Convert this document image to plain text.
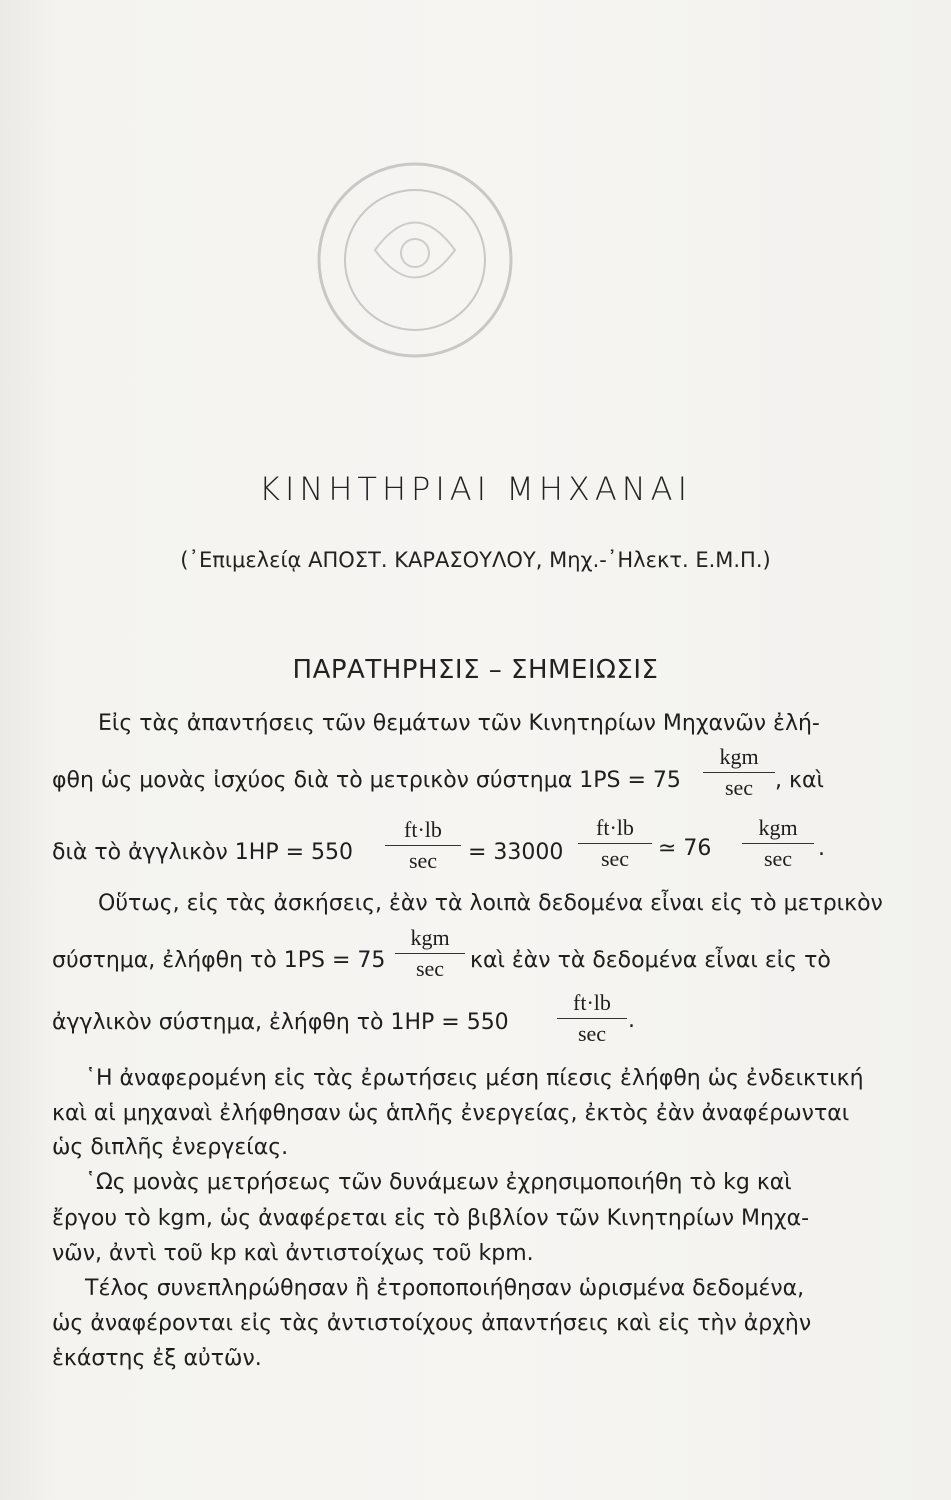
ΚΙΝΗΤΗΡΙΑΙ ΜΗΧΑΝΑΙ
(᾿Επιμελείᾳ ΑΠΟΣΤ. ΚΑΡΑΣΟΥΛΟΥ, Μηχ.-᾿Ηλεκτ. Ε.Μ.Π.)
ΠΑΡΑΤΗΡΗΣΙΣ – ΣΗΜΕΙΩΣΙΣ
Εἰς τὰς ἀπαντήσεις τῶν θεμάτων τῶν Κινητηρίων Μηχανῶν ἐλή-
φθη ὡς μονὰς ἰσχύος διὰ τὸ μετρικὸν σύστημα 1PS = 75
kgm
sec , καὶ
διὰ τὸ ἀγγλικὸν 1HP = 550
ft·lb
sec	= 33000
ft·lb
sec	≃ 76
kgm
sec	.
Οὕτως, εἰς τὰς ἀσκήσεις, ἐὰν τὰ λοιπὰ δεδομένα εἶναι εἰς τὸ μετρικὸν
σύστημα, ἐλήφθη τὸ 1PS = 75
kgm
sec	καὶ ἐὰν τὰ δεδομένα εἶναι εἰς τὸ
ἀγγλικὸν σύστημα, ἐλήφθη τὸ 1HP = 550
ft·lb
sec
.
῾Η ἀναφερομένη εἰς τὰς ἐρωτήσεις μέση πίεσις ἐλήφθη ὡς ἐνδεικτική
καὶ αἱ μηχαναὶ ἐλήφθησαν ὡς ἁπλῆς ἐνεργείας, ἐκτὸς ἐὰν ἀναφέρωνται
ὡς διπλῆς ἐνεργείας.
῾Ως μονὰς μετρήσεως τῶν δυνάμεων ἐχρησιμοποιήθη τὸ kg καὶ
ἔργου τὸ kgm, ὡς ἀναφέρεται εἰς τὸ βιβλίον τῶν Κινητηρίων Μηχα-
νῶν, ἀντὶ τοῦ kp καὶ ἀντιστοίχως τοῦ kpm.
Τέλος συνεπληρώθησαν ἢ ἐτροποποιήθησαν ὡρισμένα δεδομένα,
ὡς ἀναφέρονται εἰς τὰς ἀντιστοίχους ἀπαντήσεις καὶ εἰς τὴν ἀρχὴν
ἑκάστης ἐξ αὐτῶν.
